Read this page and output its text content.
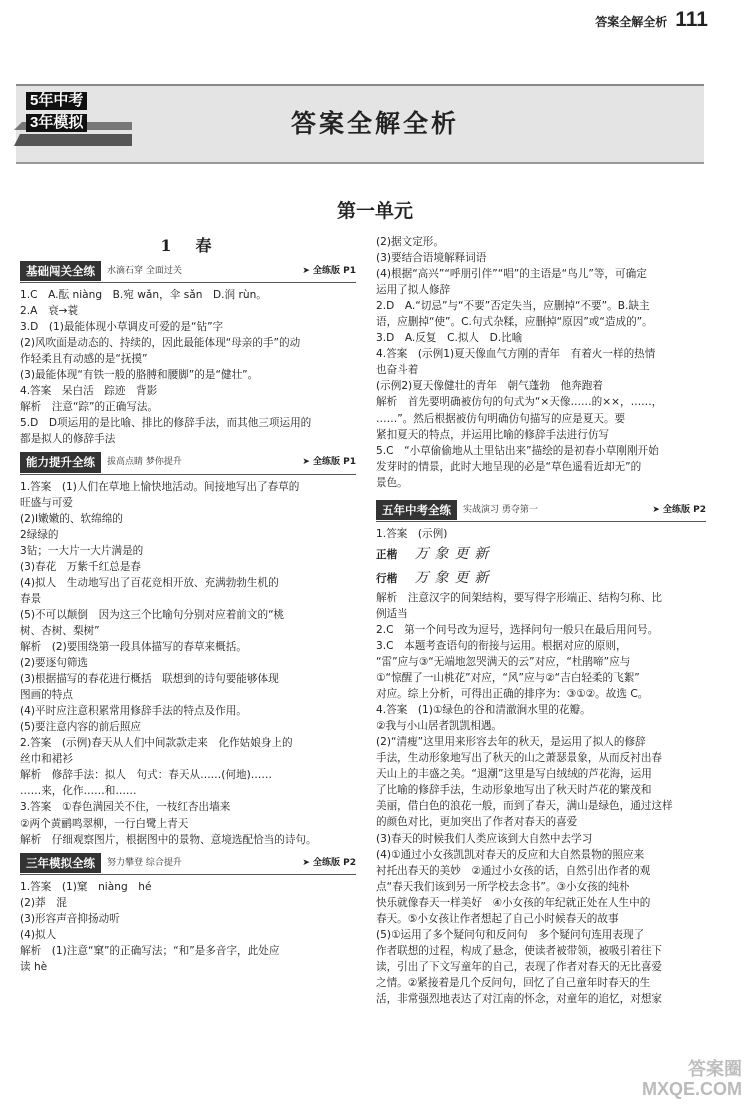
答案全解全析 111
5年中考
3年模拟	答案全解全析
第一单元
1　春
基础闯关全练	水滴石穿 全面过关	➤ 全练版 P1
1.C　A.酝 niàng　B.宛 wǎn，伞 sǎn　D.润 rùn。
2.A　衰→蓑
3.D　(1)最能体现小草调皮可爱的是“钻”字
(2)风吹面是动态的、持续的，因此最能体现“母亲的手”的动
作轻柔且有动感的是“抚摸”
(3)最能体现“有铁一般的胳膊和腰脚”的是“健壮”。
4.答案　呆白活　踪迹　背影
解析　注意“踪”的正确写法。
5.D　D项运用的是比喻、排比的修辞手法，而其他三项运用的
都是拟人的修辞手法
能力提升全练	拔高点睛 梦你提升	➤ 全练版 P1
1.答案　(1)人们在草地上愉快地活动。间接地写出了春草的
旺盛与可爱
(2)Ⅰ嫩嫩的、软绵绵的
2绿绿的
3钻；一大片一大片满是的
(3)春花　万紫千红总是春
(4)拟人　生动地写出了百花竞相开放、充满勃勃生机的
春景
(5)不可以颠倒　因为这三个比喻句分别对应着前文的“桃
树、杏树、梨树”
解析　(2)要围绕第一段具体描写的春草来概括。
(2)要逐句筛选
(3)根据描写的春花进行概括　联想到的诗句要能够体现
图画的特点
(4)平时应注意积累常用修辞手法的特点及作用。
(5)要注意内容的前后照应
2.答案　(示例)春天从人们中间款款走来　化作姑娘身上的
丝巾和裙衫
解析　修辞手法：拟人　句式：春天从……(何地)……
……来，化作……和……
3.答案　①春色满园关不住，一枝红杏出墙来
②两个黄鹂鸣翠柳，一行白鹭上青天
解析　仔细观察图片，根据图中的景物、意境选配恰当的诗句。
三年模拟全练	努力攀登 综合提升	➤ 全练版 P2
1.答案　(1)窠　niàng　hé
(2)莽　混
(3)形容声音抑扬动听
(4)拟人
解析　(1)注意“窠”的正确写法；“和”是多音字，此处应
读 hè
(2)据文定形。
(3)要结合语境解释词语
(4)根据“高兴”“呼朋引伴”“唱”的主语是“鸟儿”等，可确定
运用了拟人修辞
2.D　A.“切忌”与“不要”否定失当，应删掉“不要”。B.缺主
语，应删掉“使”。C.句式杂糅，应删掉“原因”或“造成的”。
3.D　A.反复　C.拟人　D.比喻
4.答案　(示例1)夏天像血气方刚的青年　有着火一样的热情
也奋斗着
(示例2)夏天像健壮的青年　朝气蓬勃　他奔跑着
解析　首先要明确被仿句的句式为“×天像……的××，……，
……”。然后根据被仿句明确仿句描写的应是夏天。要
紧扣夏天的特点，并运用比喻的修辞手法进行仿写
5.C　“小草偷偷地从土里钻出来”描绘的是初春小草刚刚开始
发芽时的情景，此时大地呈现的必是“草色遥看近却无”的
景色。
五年中考全练	实战演习 勇夺第一	➤ 全练版 P2
1.答案　(示例)
正楷 万象更新
行楷 万象更新
解析　注意汉字的间架结构，要写得字形端正、结构匀称、比
例适当
2.C　第一个问号改为逗号，选择问句一般只在最后用问号。
3.C　本题考查语句的衔接与运用。根据对应的原则，
“雷”应与③“无端地忽哭满天的云”对应，“杜鹃啼”应与
①“惊醒了一山桃花”对应，“风”应与②“吉白轻柔的飞絮”
对应。综上分析，可得出正确的排序为：③①②。故选 C。
4.答案　(1)①绿色的谷和清澈涧水里的花瓣。
②我与小山居者凯凯相遇。
(2)“清瘦”这里用来形容去年的秋天，是运用了拟人的修辞
手法，生动形象地写出了秋天的山之萧瑟景象，从而反衬出春
天山上的丰盛之美。“退潮”这里是写白绒绒的芦花海，运用
了比喻的修辞手法，生动形象地写出了秋天时芦花的繁茂和
美丽，借白色的浪花一般，而到了春天，满山是绿色，通过这样
的颜色对比，更加突出了作者对春天的喜爱
(3)春天的时候我们人类应该到大自然中去学习
(4)①通过小女孩凯凯对春天的反应和大自然景物的照应来
衬托出春天的美妙　②通过小女孩的话，自然引出作者的观
点“春天我们该到另一所学校去念书”。③小女孩的纯朴
快乐就像春天一样美好　④小女孩的年纪就正处在人生中的
春天。⑤小女孩让作者想起了自己小时候春天的故事
(5)①运用了多个疑问句和反问句　多个疑问句连用表现了
作者联想的过程，构成了悬念，使读者被带领，被吸引着往下
读，引出了下文写童年的自己，表现了作者对春天的无比喜爱
之情。②紧接着是几个反问句，回忆了自己童年时春天的生
活，非常强烈地表达了对江南的怀念，对童年的追忆，对想家
答案圈
MXQE.COM
